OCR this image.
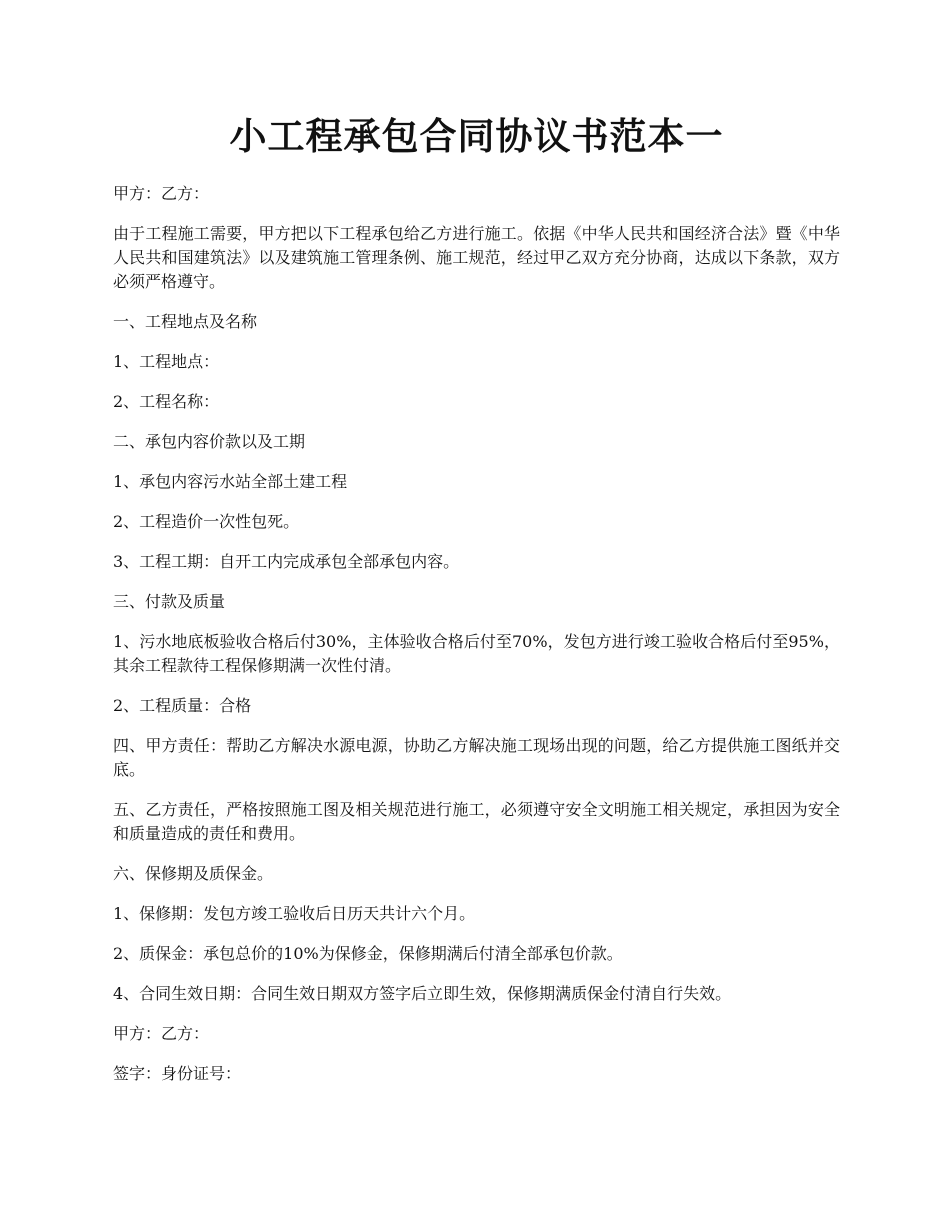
小工程承包合同协议书范本一

甲方：乙方：

由于工程施工需要，甲方把以下工程承包给乙方进行施工。依据《中华人民共和国经济合法》暨《中华人民共和国建筑法》以及建筑施工管理条例、施工规范，经过甲乙双方充分协商，达成以下条款，双方必须严格遵守。

一、工程地点及名称

1、工程地点：

2、工程名称：

二、承包内容价款以及工期

1、承包内容污水站全部土建工程

2、工程造价一次性包死。

3、工程工期：自开工内完成承包全部承包内容。

三、付款及质量

1、污水地底板验收合格后付30%，主体验收合格后付至70%，发包方进行竣工验收合格后付至95%，其余工程款待工程保修期满一次性付清。

2、工程质量：合格

四、甲方责任：帮助乙方解决水源电源，协助乙方解决施工现场出现的问题，给乙方提供施工图纸并交底。

五、乙方责任，严格按照施工图及相关规范进行施工，必须遵守安全文明施工相关规定，承担因为安全和质量造成的责任和费用。

六、保修期及质保金。

1、保修期：发包方竣工验收后日历天共计六个月。

2、质保金：承包总价的10%为保修金，保修期满后付清全部承包价款。

4、合同生效日期：合同生效日期双方签字后立即生效，保修期满质保金付清自行失效。

甲方：乙方：

签字：身份证号：
